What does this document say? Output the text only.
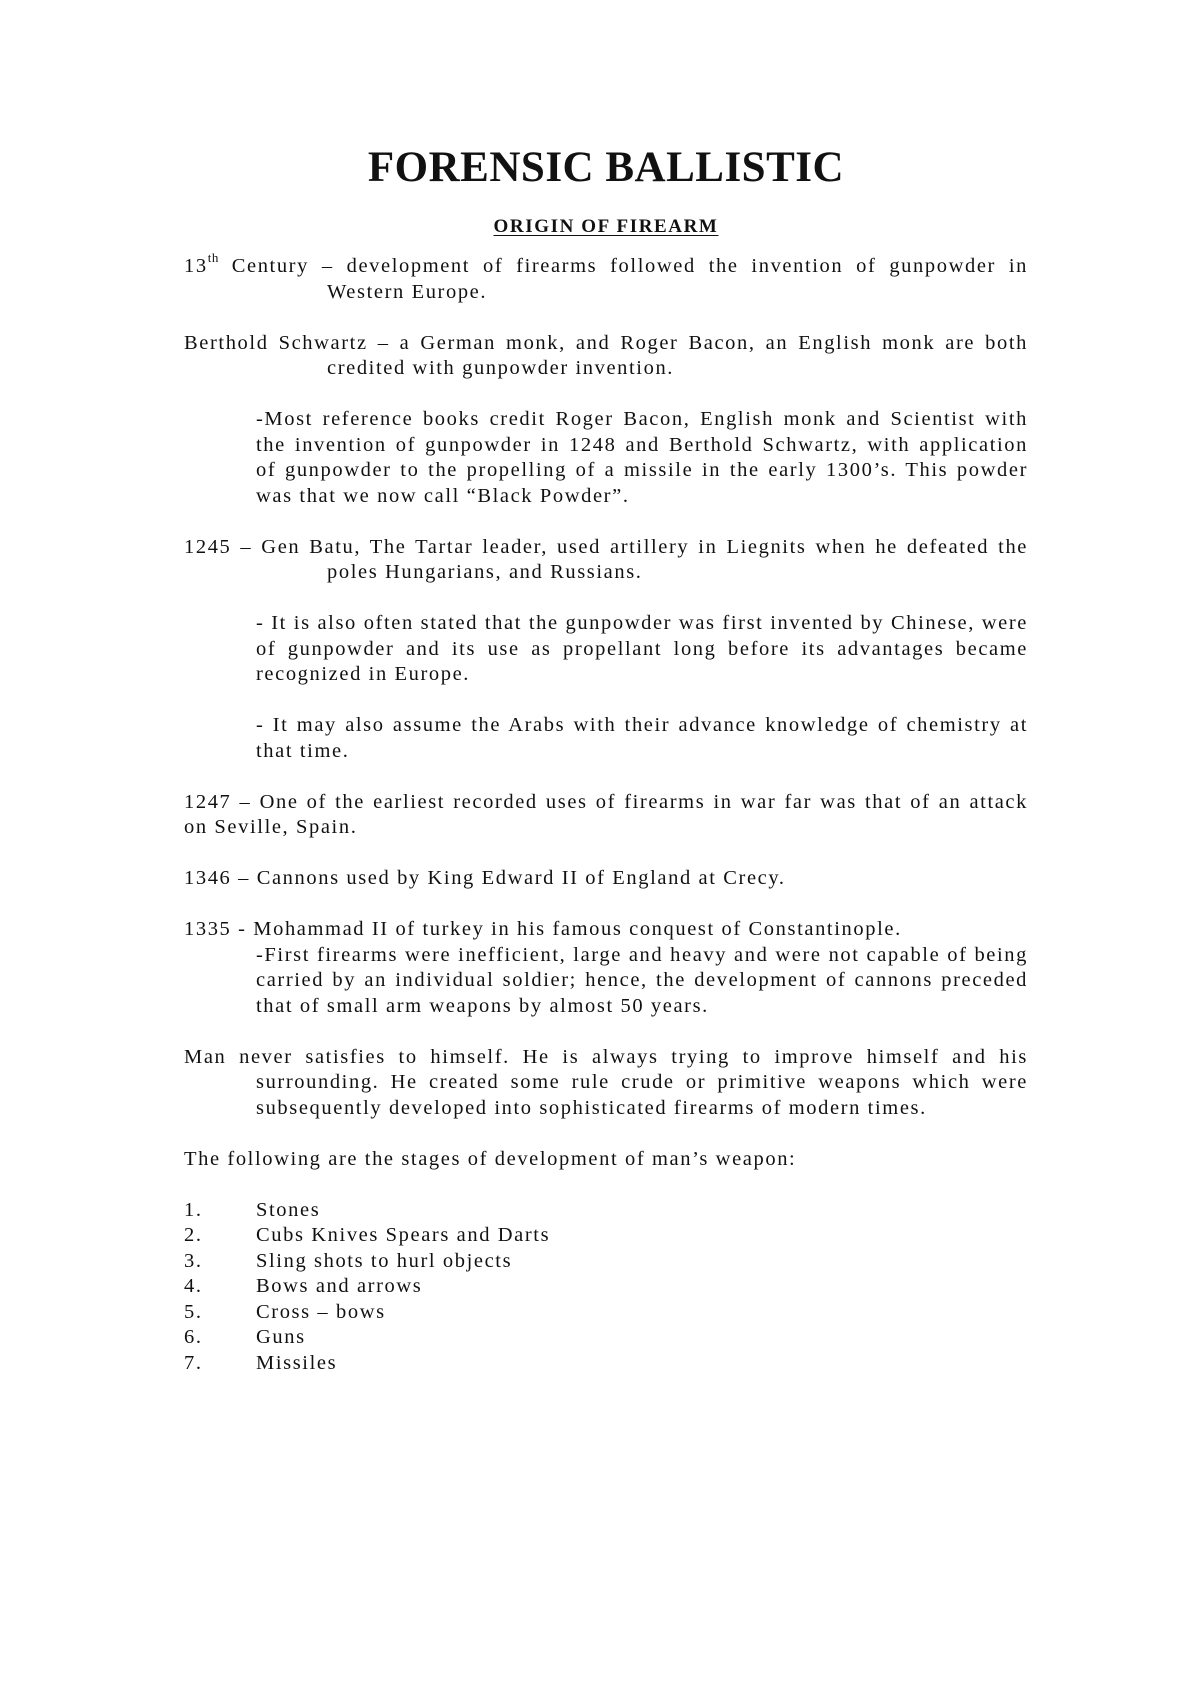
FORENSIC BALLISTIC
ORIGIN OF FIREARM

13th Century – development of firearms followed the invention of gunpowder in Western Europe.

Berthold Schwartz – a German monk, and Roger Bacon, an English monk are both credited with gunpowder invention.

-Most reference books credit Roger Bacon, English monk and Scientist with the invention of gunpowder in 1248 and Berthold Schwartz, with application of gunpowder to the propelling of a missile in the early 1300’s. This powder was that we now call “Black Powder”.

1245 – Gen Batu, The Tartar leader, used artillery in Liegnits when he defeated the poles Hungarians, and Russians.

- It is also often stated that the gunpowder was first invented by Chinese, were of gunpowder and its use as propellant long before its advantages became recognized in Europe.

- It may also assume the Arabs with their advance knowledge of chemistry at that time.

1247 – One of the earliest recorded uses of firearms in war far was that of an attack on Seville, Spain.

1346 – Cannons used by King Edward II of England at Crecy.

1335 - Mohammad II of turkey in his famous conquest of Constantinople.

-First firearms were inefficient, large and heavy and were not capable of being carried by an individual soldier; hence, the development of cannons preceded that of small arm weapons by almost 50 years.

Man never satisfies to himself. He is always trying to improve himself and his surrounding. He created some rule crude or primitive weapons which were subsequently developed into sophisticated firearms of modern times.

The following are the stages of development of man’s weapon:

1.	Stones
2.	Cubs Knives Spears and Darts
3.	Sling shots to hurl objects
4.	Bows and arrows
5.	Cross – bows
6.	Guns
7.	Missiles
